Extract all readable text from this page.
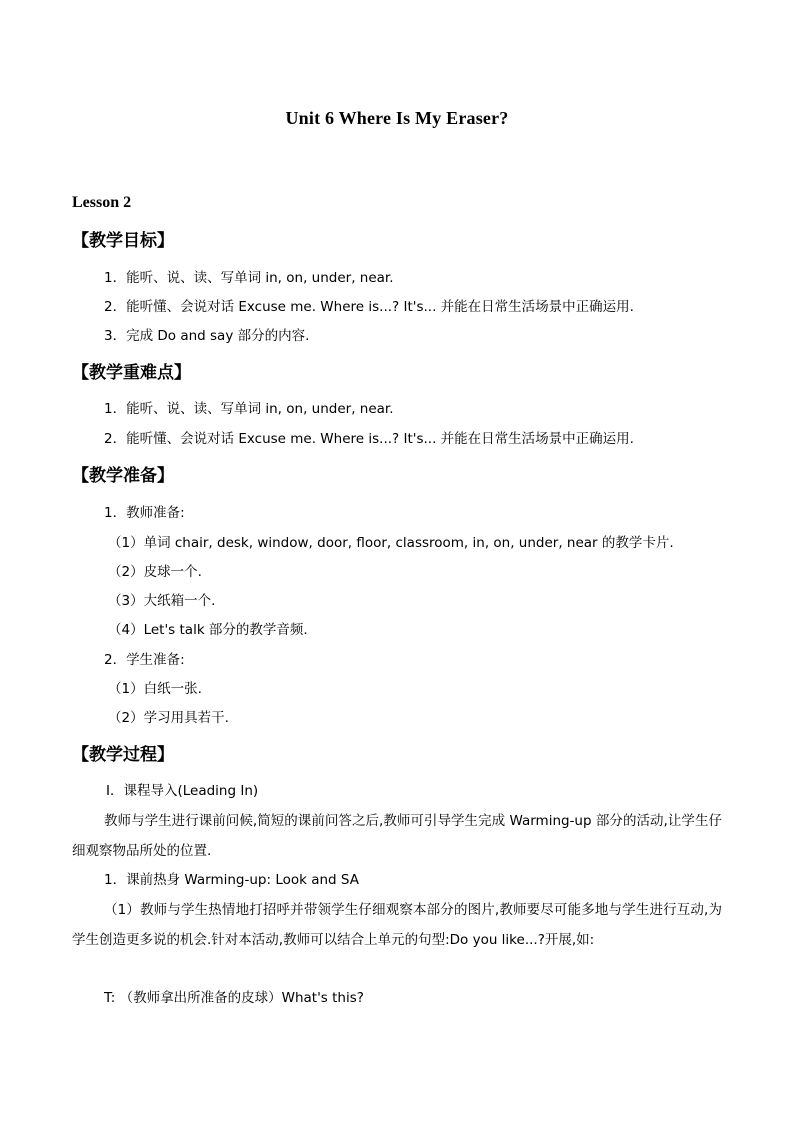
Unit 6 Where Is My Eraser?
Lesson 2
【教学目标】
1．能听、说、读、写单词 in, on, under, near.
2．能听懂、会说对话 Excuse me. Where is...? It's... 并能在日常生活场景中正确运用.
3．完成 Do and say 部分的内容.
【教学重难点】
1．能听、说、读、写单词 in, on, under, near.
2．能听懂、会说对话 Excuse me. Where is...? It's... 并能在日常生活场景中正确运用.
【教学准备】
1．教师准备:
（1）单词 chair, desk, window, door, floor, classroom, in, on, under, near 的教学卡片.
（2）皮球一个.
（3）大纸箱一个.
（4）Let's talk 部分的教学音频.
2．学生准备:
（1）白纸一张.
（2）学习用具若干.
【教学过程】
Ⅰ．课程导入(Leading In)
教师与学生进行课前问候,简短的课前问答之后,教师可引导学生完成 Warming-up 部分的活动,让学生仔细观察物品所处的位置.
1．课前热身 Warming-up: Look and SA
（1）教师与学生热情地打招呼并带领学生仔细观察本部分的图片,教师要尽可能多地与学生进行互动,为学生创造更多说的机会.针对本活动,教师可以结合上单元的句型:Do you like...?开展,如:
T: （教师拿出所准备的皮球）What's this?
